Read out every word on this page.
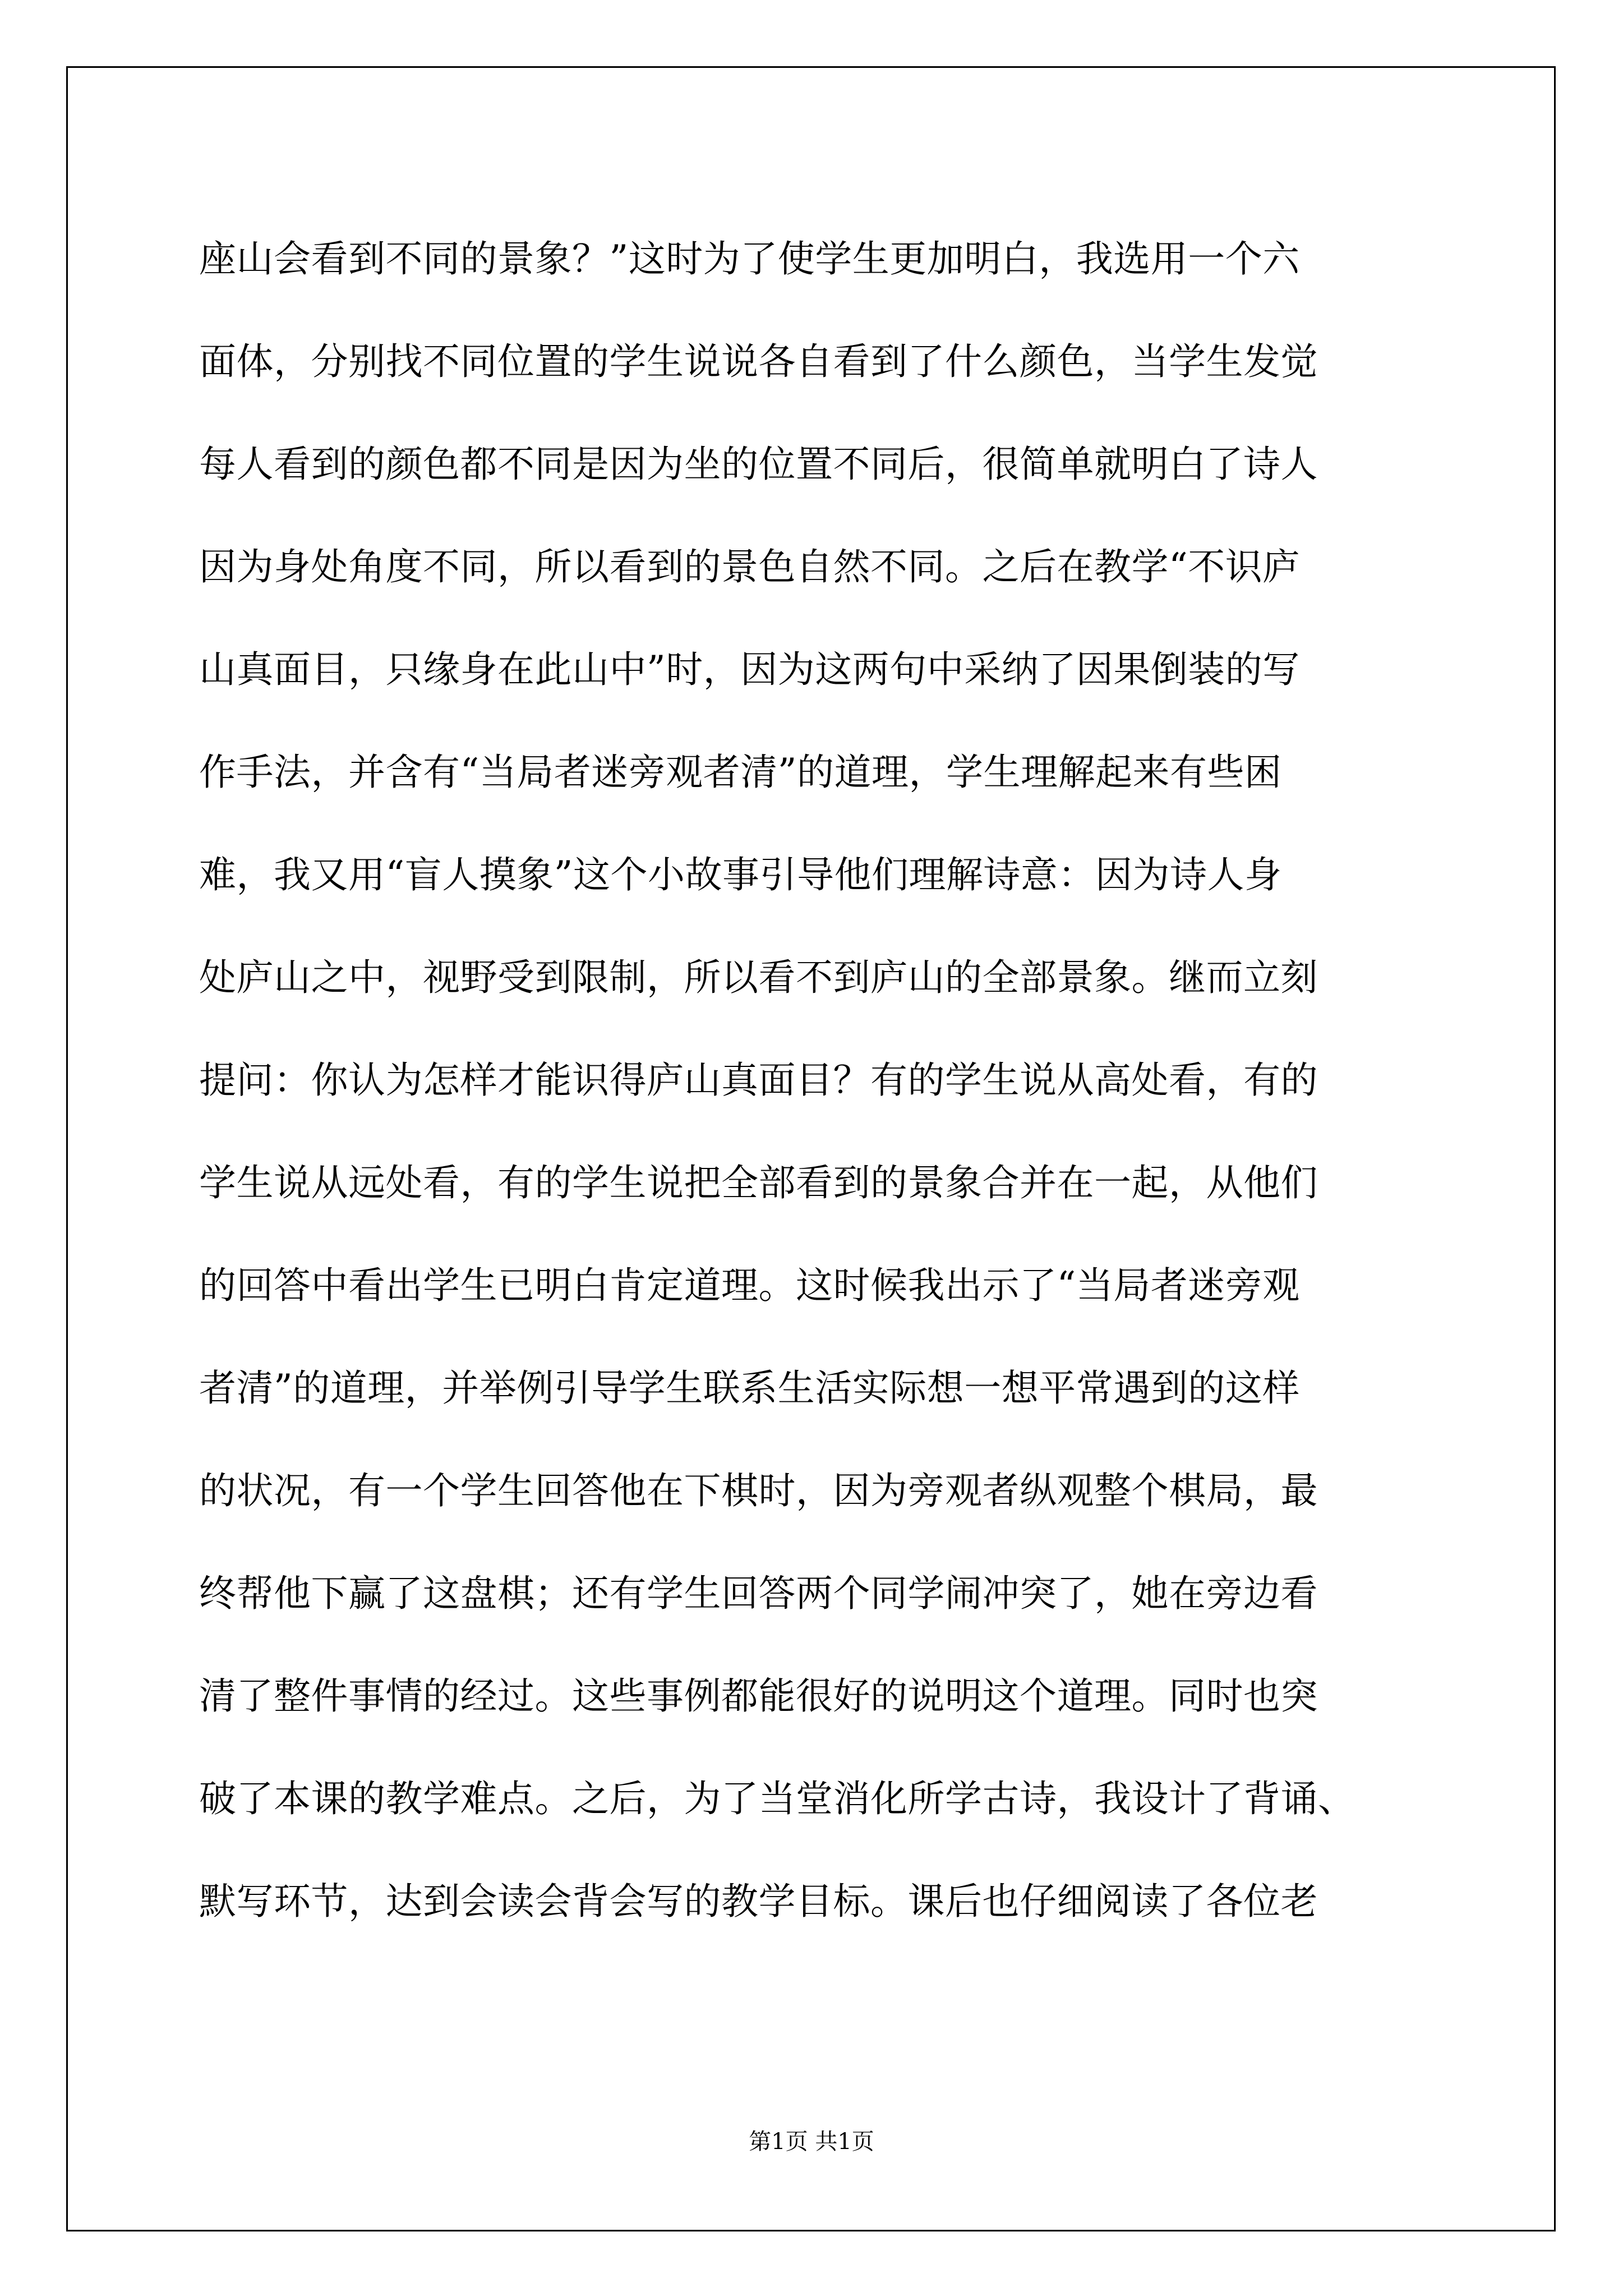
座山会看到不同的景象？”这时为了使学生更加明白，我选用一个六
面体，分别找不同位置的学生说说各自看到了什么颜色，当学生发觉
每人看到的颜色都不同是因为坐的位置不同后，很简单就明白了诗人
因为身处角度不同，所以看到的景色自然不同。之后在教学“不识庐
山真面目，只缘身在此山中”时，因为这两句中采纳了因果倒装的写
作手法，并含有“当局者迷旁观者清”的道理，学生理解起来有些困
难，我又用“盲人摸象”这个小故事引导他们理解诗意：因为诗人身
处庐山之中，视野受到限制，所以看不到庐山的全部景象。继而立刻
提问：你认为怎样才能识得庐山真面目？有的学生说从高处看，有的
学生说从远处看，有的学生说把全部看到的景象合并在一起，从他们
的回答中看出学生已明白肯定道理。这时候我出示了“当局者迷旁观
者清”的道理，并举例引导学生联系生活实际想一想平常遇到的这样
的状况，有一个学生回答他在下棋时，因为旁观者纵观整个棋局，最
终帮他下赢了这盘棋；还有学生回答两个同学闹冲突了，她在旁边看
清了整件事情的经过。这些事例都能很好的说明这个道理。同时也突
破了本课的教学难点。之后，为了当堂消化所学古诗，我设计了背诵、
默写环节，达到会读会背会写的教学目标。课后也仔细阅读了各位老
第1页 共1页
